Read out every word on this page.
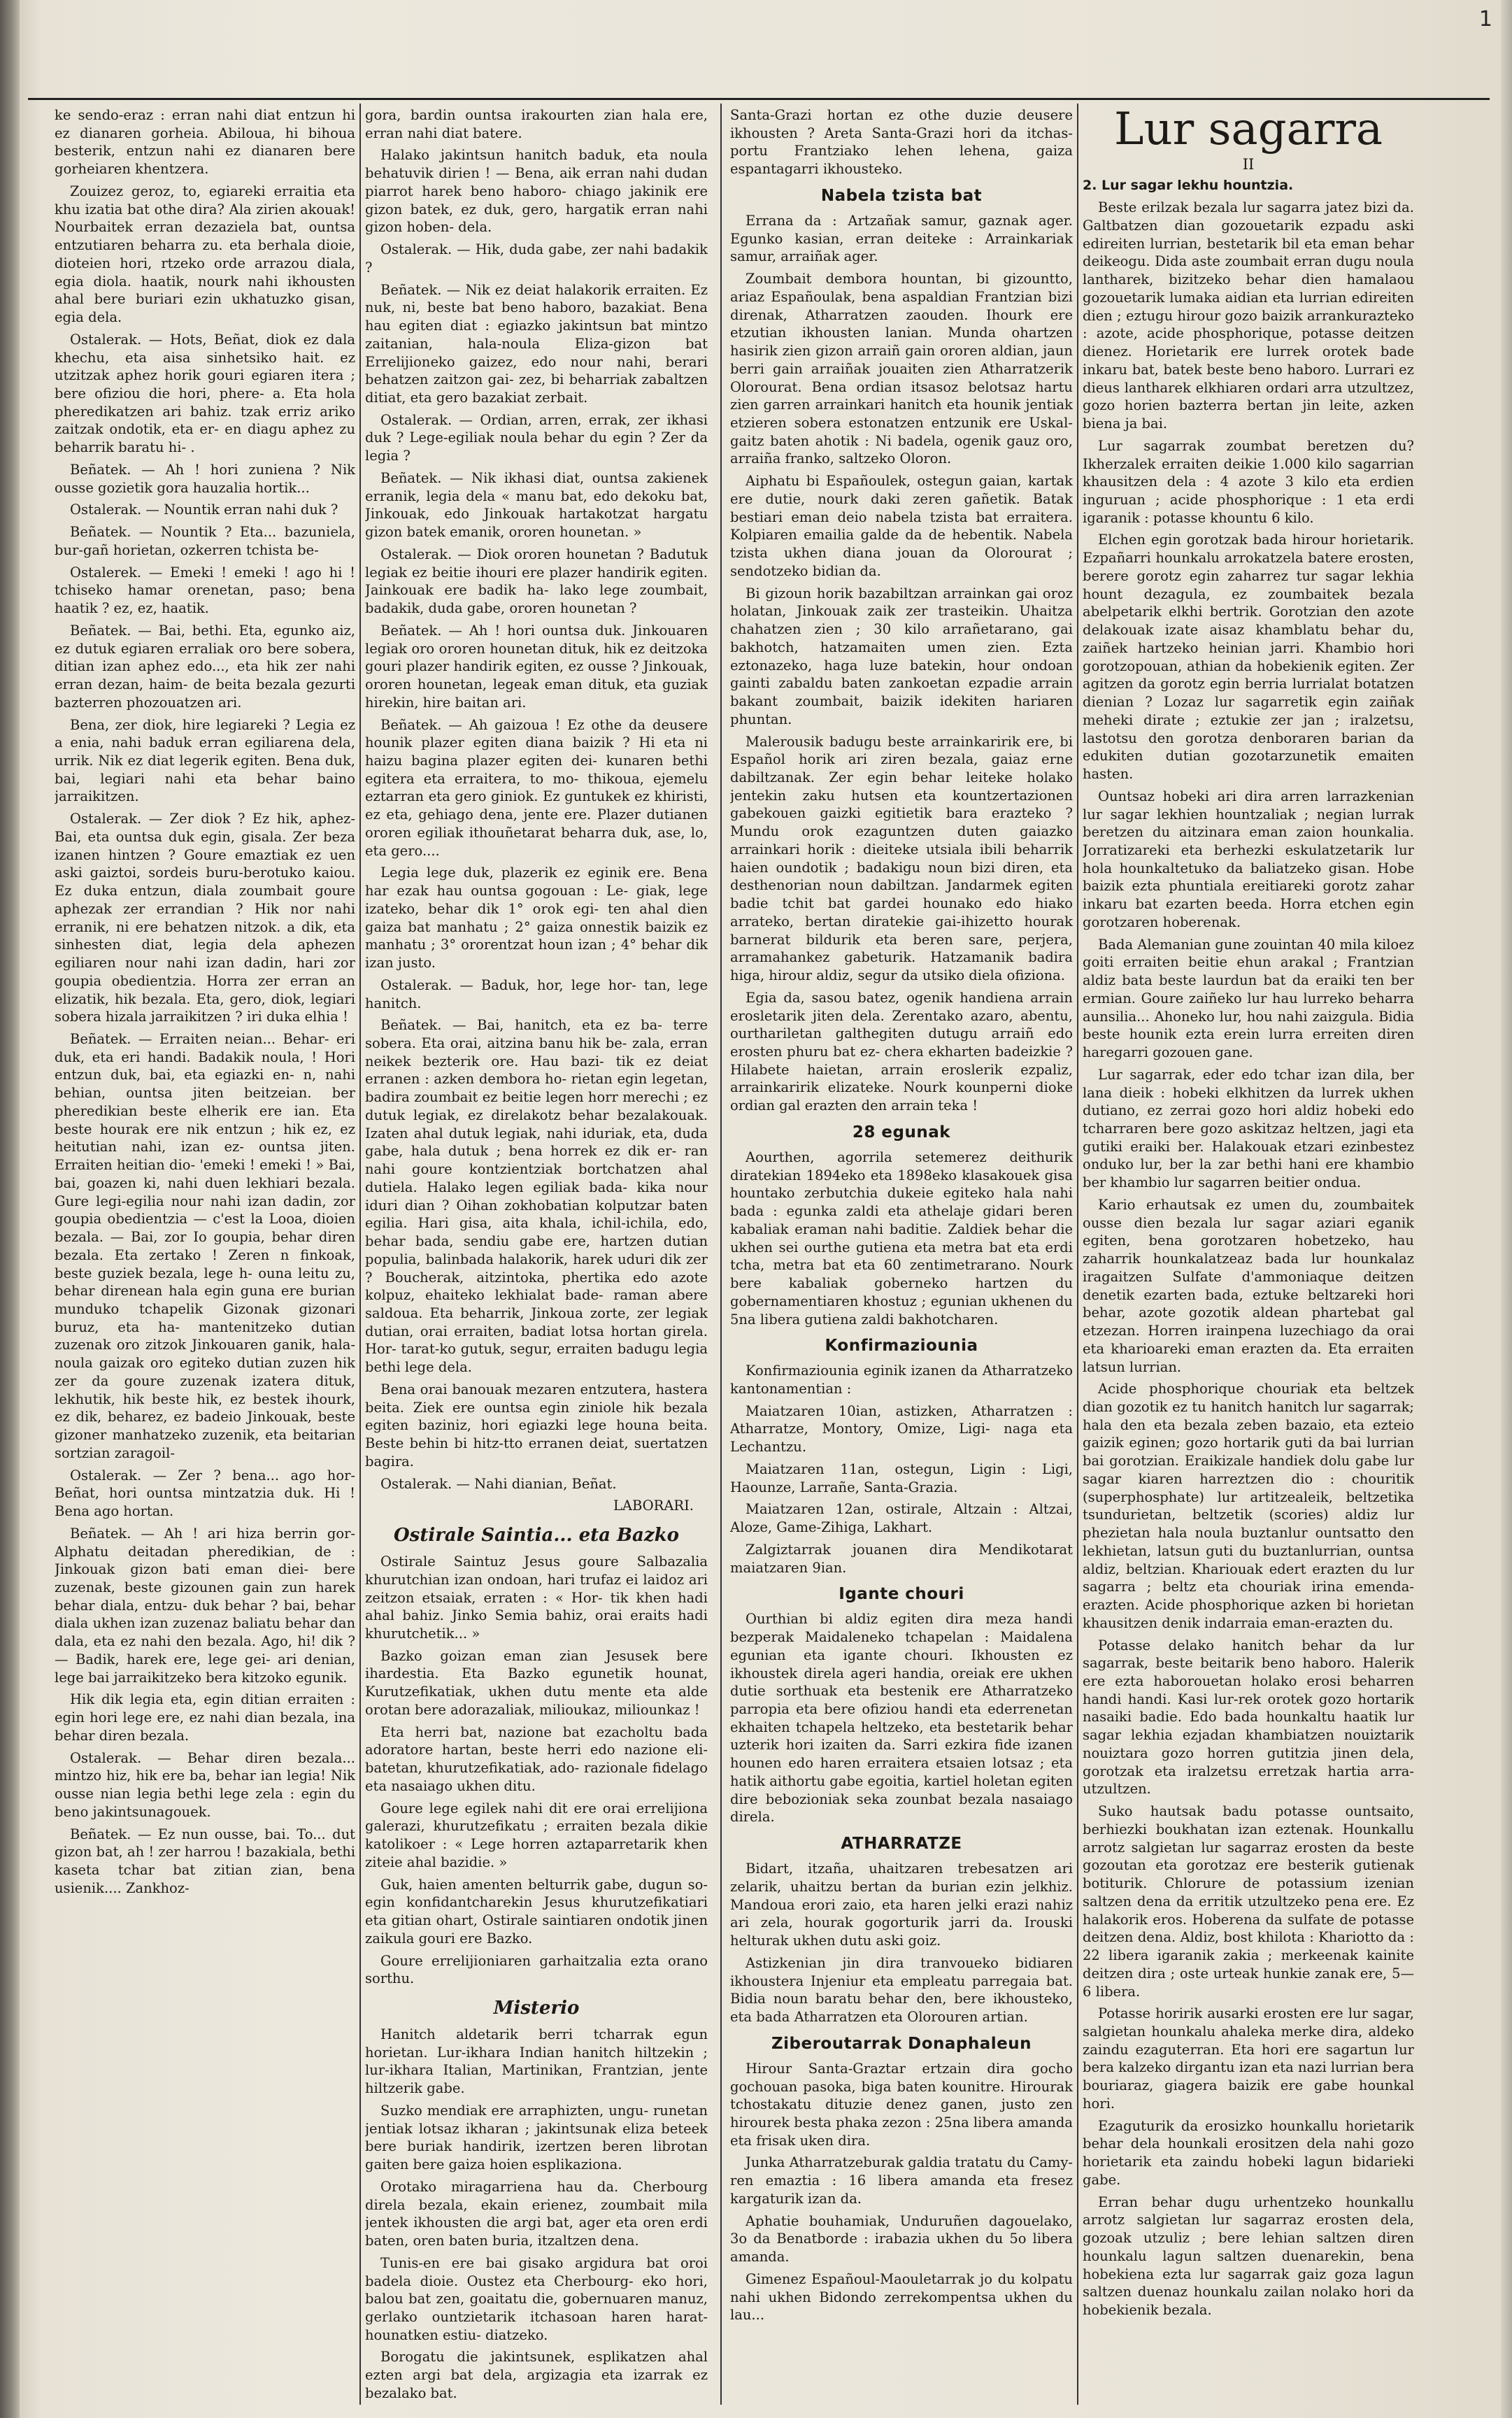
1

ke sendo-eraz : erran nahi diat entzun hi ez dianaren gorheia. Abiloua, hi bihoua besterik, entzun nahi ez dianaren bere gorheiaren khentzera.

Zouizez geroz, to, egiareki erraitia eta khu izatia bat othe dira? Ala zirien akouak! Nourbaitek erran dezaziela bat, ountsa entzutiaren beharra zu. eta berhala dioie, dioteien hori, rtzeko orde arrazou diala, egia diola. haatik, nourk nahi ikhousten ahal bere buriari ezin ukhatuzko gisan, egia dela.

Ostalerak. — Hots, Beñat, diok ez dala khechu, eta aisa sinhetsiko hait. ez utzitzak aphez horik gouri egiaren itera ; bere ofiziou die hori, phere- a. Eta hola pheredikatzen ari bahiz. tzak erriz ariko zaitzak ondotik, eta er- en diagu aphez zu beharrik baratu hi- .

Beñatek. — Ah ! hori zuniena ? Nik ousse gozietik gora hauzalia hortik...

Ostalerak. — Nountik erran nahi duk ?

Beñatek. — Nountik ? Eta... bazuniela, bur-gañ horietan, ozkerren tchista be-

Ostalerek. — Emeki ! emeki ! ago hi ! tchiseko hamar orenetan, paso; bena haatik ? ez, ez, haatik.

Beñatek. — Bai, bethi. Eta, egunko aiz, ez dutuk egiaren erraliak oro bere sobera, ditian izan aphez edo..., eta hik zer nahi erran dezan, haim- de beita bezala gezurti bazterren phozouatzen ari.

Bena, zer diok, hire legiareki ? Legia ez a enia, nahi baduk erran egiliarena dela, urrik. Nik ez diat legerik egiten. Bena duk, bai, legiari nahi eta behar baino jarraikitzen.

Ostalerak. — Zer diok ? Ez hik, aphez- Bai, eta ountsa duk egin, gisala. Zer beza izanen hintzen ? Goure emaztiak ez uen aski gaiztoi, sordeis buru-berotuko kaiou. Ez duka entzun, diala zoumbait goure aphezak zer errandian ? Hik nor nahi erranik, ni ere behatzen nitzok. a dik, eta sinhesten diat, legia dela aphezen egiliaren nour nahi izan dadin, hari zor goupia obedientzia. Horra zer erran an elizatik, hik bezala. Eta, gero, diok, legiari sobera hizala jarraikitzen ? iri duka elhia !

Beñatek. — Erraiten neian... Behar- eri duk, eta eri handi. Badakik noula, ! Hori entzun duk, bai, eta egiazki en- n, nahi behian, ountsa jiten beitzeian. ber pheredikian beste elherik ere ian. Eta beste hourak ere nik entzun ; hik ez, ez heitutian nahi, izan ez- ountsa jiten. Erraiten heitian dio- 'emeki ! emeki ! » Bai, bai, goazen ki, nahi duen lekhiari bezala. Gure legi-egilia nour nahi izan dadin, zor goupia obedientzia — c'est la Looa, dioien bezala. — Bai, zor Io goupia, behar diren bezala. Eta zertako ! Zeren n finkoak, beste guziek bezala, lege h- ouna leitu zu, behar direnean hala egin guna ere burian munduko tchapelik Gizonak gizonari buruz, eta ha- mantenitzeko dutian zuzenak oro zitzok Jinkouaren ganik, hala-noula gaizak oro egiteko dutian zuzen hik zer da goure zuzenak izatera dituk, lekhutik, hik beste hik, ez bestek ihourk, ez dik, beharez, ez badeio Jinkouak, beste gizoner manhatzeko zuzenik, eta beitarian sortzian zaragoil-

Ostalerak. — Zer ? bena... ago hor- Beñat, hori ountsa mintzatzia duk. Hi ! Bena ago hortan.

Beñatek. — Ah ! ari hiza berrin gor- Alphatu deitadan pheredikian, de : Jinkouak gizon bati eman diei- bere zuzenak, beste gizounen gain zun harek behar diala, entzu- duk behar ? bai, behar diala ukhen izan zuzenaz baliatu behar dan dala, eta ez nahi den bezala. Ago, hi! dik ? — Badik, harek ere, lege gei- ari denian, lege bai jarraikitzeko bera kitzoko egunik.

Hik dik legia eta, egin ditian erraiten : egin hori lege ere, ez nahi dian bezala, ina behar diren bezala.

Ostalerak. — Behar diren bezala... mintzo hiz, hik ere ba, behar ian legia! Nik ousse nian legia bethi lege zela : egin du beno jakintsunagouek.

Beñatek. — Ez nun ousse, bai. To... dut gizon bat, ah ! zer harrou ! bazakiala, bethi kaseta tchar bat zitian zian, bena usienik.... Zankhoz-

gora, bardin ountsa irakourten zian hala ere, erran nahi diat batere.

Halako jakintsun hanitch baduk, eta noula behatuvik dirien ! — Bena, aik erran nahi dudan piarrot harek beno haboro- chiago jakinik ere gizon batek, ez duk, gero, hargatik erran nahi gizon hoben- dela.

Ostalerak. — Hik, duda gabe, zer nahi badakik ?

Beñatek. — Nik ez deiat halakorik erraiten. Ez nuk, ni, beste bat beno haboro, bazakiat. Bena hau egiten diat : egiazko jakintsun bat mintzo zaitanian, hala-noula Eliza-gizon bat Errelijioneko gaizez, edo nour nahi, berari behatzen zaitzon gai- zez, bi beharriak zabaltzen ditiat, eta gero bazakiat zerbait.

Ostalerak. — Ordian, arren, errak, zer ikhasi duk ? Lege-egiliak noula behar du egin ? Zer da legia ?

Beñatek. — Nik ikhasi diat, ountsa zakienek erranik, legia dela « manu bat, edo dekoku bat, Jinkouak, edo Jinkouak hartakotzat hargatu gizon batek emanik, ororen hounetan. »

Ostalerak. — Diok ororen hounetan ? Badutuk legiak ez beitie ihouri ere plazer handirik egiten. Jainkouak ere badik ha- lako lege zoumbait, badakik, duda gabe, ororen hounetan ?

Beñatek. — Ah ! hori ountsa duk. Jinkouaren legiak oro ororen hounetan dituk, hik ez deitzoka gouri plazer handirik egiten, ez ousse ? Jinkouak, ororen hounetan, legeak eman dituk, eta guziak hirekin, hire baitan ari.

Beñatek. — Ah gaizoua ! Ez othe da deusere hounik plazer egiten diana baizik ? Hi eta ni haizu bagina plazer egiten dei- kunaren bethi egitera eta erraitera, to mo- thikoua, ejemelu eztarran eta gero giniok. Ez guntukek ez khiristi, ez eta, gehiago dena, jente ere. Plazer dutianen ororen egiliak ithouñetarat beharra duk, ase, lo, eta gero....

Legia lege duk, plazerik ez eginik ere. Bena har ezak hau ountsa gogouan : Le- giak, lege izateko, behar dik 1° orok egi- ten ahal dien gaiza bat manhatu ; 2° gaiza onnestik baizik ez manhatu ; 3° ororentzat houn izan ; 4° behar dik izan justo.

Ostalerak. — Baduk, hor, lege hor- tan, lege hanitch.

Beñatek. — Bai, hanitch, eta ez ba- terre sobera. Eta orai, aitzina banu hik be- zala, erran neikek bezterik ore. Hau bazi- tik ez deiat erranen : azken dembora ho- rietan egin legetan, badira zoumbait ez beitie legen horr merechi ; ez dutuk legiak, ez direlakotz behar bezalakouak. Izaten ahal dutuk legiak, nahi iduriak, eta, duda gabe, hala dutuk ; bena horrek ez dik er- ran nahi goure kontzientziak bortchatzen ahal dutiela. Halako legen egiliak bada- kika nour iduri dian ? Oihan zokhobatian kolputzar baten egilia. Hari gisa, aita khala, ichil-ichila, edo, behar bada, sendiu gabe ere, hartzen dutian populia, balinbada halakorik, harek uduri dik zer ? Boucherak, aitzintoka, phertika edo azote kolpuz, ehaiteko lekhialat bade- raman abere saldoua. Eta beharrik, Jinkoua zorte, zer legiak dutian, orai erraiten, badiat lotsa hortan girela. Hor- tarat-ko gutuk, segur, erraiten badugu legia bethi lege dela.

Bena orai banouak mezaren entzutera, hastera beita. Ziek ere ountsa egin ziniole hik bezala egiten baziniz, hori egiazki lege houna beita. Beste behin bi hitz-tto erranen deiat, suertatzen bagira.

Ostalerak. — Nahi dianian, Beñat.

LABORARI.

Ostirale Saintia... eta Bazko

Ostirale Saintuz Jesus goure Salbazalia khurutchian izan ondoan, hari trufaz ei laidoz ari zeitzon etsaiak, erraten : « Hor- tik khen hadi ahal bahiz. Jinko Semia bahiz, orai eraits hadi khurutchetik... »

Bazko goizan eman zian Jesusek bere ihardestia. Eta Bazko egunetik hounat, Kurutzefikatiak, ukhen dutu mente eta alde orotan bere adorazaliak, milioukaz, miliounkaz !

Eta herri bat, nazione bat ezacholtu bada adoratore hartan, beste herri edo nazione eli-batetan, khurutzefikatiak, ado- razionale fidelago eta nasaiago ukhen ditu.

Goure lege egilek nahi dit ere orai errelijiona galerazi, khurutzefikatu ; erraiten bezala dikie katolikoer : « Lege horren aztaparretarik khen ziteie ahal bazidie. »

Guk, haien amenten belturrik gabe, dugun so-egin konfidantcharekin Jesus khurutzefikatiari eta gitian ohart, Ostirale saintiaren ondotik jinen zaikula gouri ere Bazko.

Goure errelijioniaren garhaitzalia ezta orano sorthu.

Misterio

Hanitch aldetarik berri tcharrak egun horietan. Lur-ikhara Indian hanitch hiltzekin ; lur-ikhara Italian, Martinikan, Frantzian, jente hiltzerik gabe.

Suzko mendiak ere arraphizten, ungu- runetan jentiak lotsaz ikharan ; jakintsunak eliza beteek bere buriak handirik, izertzen beren librotan gaiten bere gaiza hoien esplikaziona.

Orotako miragarriena hau da. Cherbourg direla bezala, ekain erienez, zoumbait mila jentek ikhousten die argi bat, ager eta oren erdi baten, oren baten buria, itzaltzen dena.

Tunis-en ere bai gisako argidura bat oroi badela dioie. Oustez eta Cherbourg- eko hori, balou bat zen, goaitatu die, gobernuaren manuz, gerlako ountzietarik itchasoan haren harat-hounatken estiu- diatzeko.

Borogatu die jakintsunek, esplikatzen ahal ezten argi bat dela, argizagia eta izarrak ez bezalako bat.

Santa-Grazi hortan ez othe duzie deusere ikhousten ? Areta Santa-Grazi hori da itchas-portu Frantziako lehen lehena, gaiza espantagarri ikhousteko.

Nabela tzista bat

Errana da : Artzañak samur, gaznak ager. Egunko kasian, erran deiteke : Arrainkariak samur, arraiñak ager.

Zoumbait dembora hountan, bi gizountto, ariaz Españoulak, bena aspaldian Frantzian bizi direnak, Atharratzen zaouden. Ihourk ere etzutian ikhousten lanian. Munda ohartzen hasirik zien gizon arraiñ gain ororen aldian, jaun berri gain arraiñak jouaiten zien Atharratzerik Olorourat. Bena ordian itsasoz belotsaz hartu zien garren arrainkari hanitch eta hounik jentiak etzieren sobera estonatzen entzunik ere Uskal-gaitz baten ahotik : Ni badela, ogenik gauz oro, arraiña franko, saltzeko Oloron.

Aiphatu bi Españoulek, ostegun gaian, kartak ere dutie, nourk daki zeren gañetik. Batak bestiari eman deio nabela tzista bat erraitera. Kolpiaren emailia galde da de hebentik. Nabela tzista ukhen diana jouan da Olorourat ; sendotzeko bidian da.

Bi gizoun horik bazabiltzan arrainkan gai oroz holatan, Jinkouak zaik zer trasteikin. Uhaitza chahatzen zien ; 30 kilo arrañetarano, gai bakhotch, hatzamaiten umen zien. Ezta eztonazeko, haga luze batekin, hour ondoan gainti zabaldu baten zankoetan ezpadie arrain bakant zoumbait, baizik idekiten hariaren phuntan.

Malerousik badugu beste arrainkaririk ere, bi Español horik ari ziren bezala, gaiaz erne dabiltzanak. Zer egin behar leiteke holako jentekin zaku hutsen eta kountzertazionen gabekouen gaizki egitietik bara erazteko ? Mundu orok ezaguntzen duten gaiazko arrainkari horik : dieiteke utsiala ibili beharrik haien oundotik ; badakigu noun bizi diren, eta desthenorian noun dabiltzan. Jandarmek egiten badie tchit bat gardei hounako edo hiako arrateko, bertan diratekie gai-ihizetto hourak barnerat bildurik eta beren sare, perjera, arramahankez gabeturik. Hatzamanik badira higa, hirour aldiz, segur da utsiko diela ofiziona.

Egia da, sasou batez, ogenik handiena arrain erosletarik jiten dela. Zerentako azaro, abentu, ourthariletan galthegiten dutugu arraiñ edo erosten phuru bat ez- chera ekharten badeizkie ? Hilabete haietan, arrain eroslerik ezpaliz, arrainkaririk elizateke. Nourk kounperni dioke ordian gal erazten den arrain teka !

28 egunak

Aourthen, agorrila setemerez deithurik diratekian 1894eko eta 1898eko klasakouek gisa hountako zerbutchia dukeie egiteko hala nahi bada : egunka zaldi eta athelaje gidari beren kabaliak eraman nahi baditie. Zaldiek behar die ukhen sei ourthe gutiena eta metra bat eta erdi tcha, metra bat eta 60 zentimetrarano. Nourk bere kabaliak goberneko hartzen du gobernamentiaren khostuz ; egunian ukhenen du 5na libera gutiena zaldi bakhotcharen.

Konfirmaziounia

Konfirmaziounia eginik izanen da Atharratzeko kantonamentian :

Maiatzaren 10ian, astizken, Atharratzen : Atharratze, Montory, Omize, Ligi- naga eta Lechantzu.

Maiatzaren 11an, ostegun, Ligin : Ligi, Haounze, Larrañe, Santa-Grazia.

Maiatzaren 12an, ostirale, Altzain : Altzai, Aloze, Game-Zihiga, Lakhart.

Zalgiztarrak jouanen dira Mendikotarat maiatzaren 9ian.

Igante chouri

Ourthian bi aldiz egiten dira meza handi bezperak Maidaleneko tchapelan : Maidalena egunian eta igante chouri. Ikhousten ez ikhoustek direla ageri handia, oreiak ere ukhen dutie sorthuak eta bestenik ere Atharratzeko parropia eta bere ofiziou handi eta ederrenetan ekhaiten tchapela heltzeko, eta bestetarik behar uzterik hori izaiten da. Sarri ezkira fide izanen hounen edo haren erraitera etsaien lotsaz ; eta hatik aithortu gabe egoitia, kartiel holetan egiten dire bebozioniak seka zounbat bezala nasaiago direla.

ATHARRATZE

Bidart, itzaña, uhaitzaren trebesatzen ari zelarik, uhaitzu bertan da burian ezin jelkhiz. Mandoua erori zaio, eta haren jelki erazi nahiz ari zela, hourak gogorturik jarri da. Irouski helturak ukhen dutu aski goiz.

Astizkenian jin dira tranvoueko bidiaren ikhoustera Injeniur eta empleatu parregaia bat. Bidia noun baratu behar den, bere ikhousteko, eta bada Atharratzen eta Olorouren artian.

Ziberoutarrak Donaphaleun

Hirour Santa-Graztar ertzain dira gocho gochouan pasoka, biga baten kounitre. Hirourak tchostakatu dituzie denez ganen, justo zen hirourek besta phaka zezon : 25na libera amanda eta frisak uken dira.

Junka Atharratzeburak galdia tratatu du Camy-ren emaztia : 16 libera amanda eta fresez kargaturik izan da.

Aphatie bouhamiak, Unduruñen dagouelako, 3o da Benatborde : irabazia ukhen du 5o libera amanda.

Gimenez Españoul-Maouletarrak jo du kolpatu nahi ukhen Bidondo zerrekompentsa ukhen du lau...

Lur sagarra
II

2. Lur sagar lekhu hountzia.

Beste erilzak bezala lur sagarra jatez bizi da. Galtbatzen dian gozouetarik ezpadu aski edireiten lurrian, bestetarik bil eta eman behar deikeogu. Dida aste zoumbait erran dugu noula lantharek, bizitzeko behar dien hamalaou gozouetarik lumaka aidian eta lurrian edireiten dien ; eztugu hirour gozo baizik arrankurazteko : azote, acide phosphorique, potasse deitzen dienez. Horietarik ere lurrek orotek bade inkaru bat, batek beste beno haboro. Lurrari ez dieus lantharek elkhiaren ordari arra utzultzez, gozo horien bazterra bertan jin leite, azken biena ja bai.

Lur sagarrak zoumbat beretzen du? Ikherzalek erraiten deikie 1.000 kilo sagarrian khausitzen dela : 4 azote 3 kilo eta erdien inguruan ; acide phosphorique : 1 eta erdi igaranik : potasse khountu 6 kilo.

Elchen egin gorotzak bada hirour horietarik. Ezpañarri hounkalu arrokatzela batere erosten, berere gorotz egin zaharrez tur sagar lekhia hount dezagula, ez zoumbaitek bezala abelpetarik elkhi bertrik. Gorotzian den azote delakouak izate aisaz khamblatu behar du, zaiñek hartzeko heinian jarri. Khambio hori gorotzopouan, athian da hobekienik egiten. Zer agitzen da gorotz egin berria lurrialat botatzen dienian ? Lozaz lur sagarretik egin zaiñak meheki dirate ; eztukie zer jan ; iralzetsu, lastotsu den gorotza denboraren barian da edukiten dutian gozotarzunetik emaiten hasten.

Ountsaz hobeki ari dira arren larrazkenian lur sagar lekhien hountzaliak ; negian lurrak beretzen du aitzinara eman zaion hounkalia. Jorratizareki eta berhezki eskulatzetarik lur hola hounkaltetuko da baliatzeko gisan. Hobe baizik ezta phuntiala ereitiareki gorotz zahar inkaru bat ezarten beeda. Horra etchen egin gorotzaren hoberenak.

Bada Alemanian gune zouintan 40 mila kiloez goiti erraiten beitie ehun arakal ; Frantzian aldiz bata beste laurdun bat da eraiki ten ber ermian. Goure zaiñeko lur hau lurreko beharra aunsilia... Ahoneko lur, hou nahi zaizgula. Bidia beste hounik ezta erein lurra erreiten diren haregarri gozouen gane.

Lur sagarrak, eder edo tchar izan dila, ber lana dieik : hobeki elkhitzen da lurrek ukhen dutiano, ez zerrai gozo hori aldiz hobeki edo tcharraren bere gozo askitzaz heltzen, jagi eta gutiki eraiki ber. Halakouak etzari ezinbestez onduko lur, ber la zar bethi hani ere khambio ber khambio lur sagarren beitier ondua.

Kario erhautsak ez umen du, zoumbaitek ousse dien bezala lur sagar aziari eganik egiten, bena gorotzaren hobetzeko, hau zaharrik hounkalatzeaz bada lur hounkalaz iragaitzen Sulfate d'ammoniaque deitzen denetik ezarten bada, eztuke beltzareki hori behar, azote gozotik aldean phartebat gal etzezan. Horren irainpena luzechiago da orai eta kharioareki eman erazten da. Eta erraiten latsun lurrian.

Acide phosphorique chouriak eta beltzek dian gozotik ez tu hanitch hanitch lur sagarrak; hala den eta bezala zeben bazaio, eta ezteio gaizik eginen; gozo hortarik guti da bai lurrian bai gorotzian. Eraikizale handiek dolu gabe lur sagar kiaren harreztzen dio : chouritik (superphosphate) lur artitzealeik, beltzetika tsundurietan, beltzetik (scories) aldiz lur phezietan hala noula buztanlur ountsatto den lekhietan, latsun guti du buztanlurrian, ountsa aldiz, beltzian. Khariouak edert erazten du lur sagarra ; beltz eta chouriak irina emenda-erazten. Acide phosphorique azken bi horietan khausitzen denik indarraia eman-erazten du.

Potasse delako hanitch behar da lur sagarrak, beste beitarik beno haboro. Halerik ere ezta haborouetan holako erosi beharren handi handi. Kasi lur-rek orotek gozo hortarik nasaiki badie. Edo bada hounkaltu haatik lur sagar lekhia ezjadan khambiatzen nouiztarik nouiztara gozo horren gutitzia jinen dela, gorotzak eta iralzetsu erretzak hartia arra-utzultzen.

Suko hautsak badu potasse ountsaito, berhiezki boukhatan izan eztenak. Hounkallu arrotz salgietan lur sagarraz erosten da beste gozoutan eta gorotzaz ere besterik gutienak botiturik. Chlorure de potassium izenian saltzen dena da erritik utzultzeko pena ere. Ez halakorik eros. Hoberena da sulfate de potasse deitzen dena. Aldiz, bost khilota : Khariotto da : 22 libera igaranik zakia ; merkeenak kainite deitzen dira ; oste urteak hunkie zanak ere, 5—6 libera.

Potasse horirik ausarki erosten ere lur sagar, salgietan hounkalu ahaleka merke dira, aldeko zaindu ezaguterran. Eta hori ere sagartun lur bera kalzeko dirgantu izan eta nazi lurrian bera bouriaraz, giagera baizik ere gabe hounkal hori.

Ezaguturik da erosizko hounkallu horietarik behar dela hounkali erositzen dela nahi gozo horietarik eta zaindu hobeki lagun bidarieki gabe.

Erran behar dugu urhentzeko hounkallu arrotz salgietan lur sagarraz erosten dela, gozoak utzuliz ; bere lehian saltzen diren hounkalu lagun saltzen duenarekin, bena hobekiena ezta lur sagarrak gaiz goza lagun saltzen duenaz hounkalu zailan nolako hori da hobekienik bezala.
